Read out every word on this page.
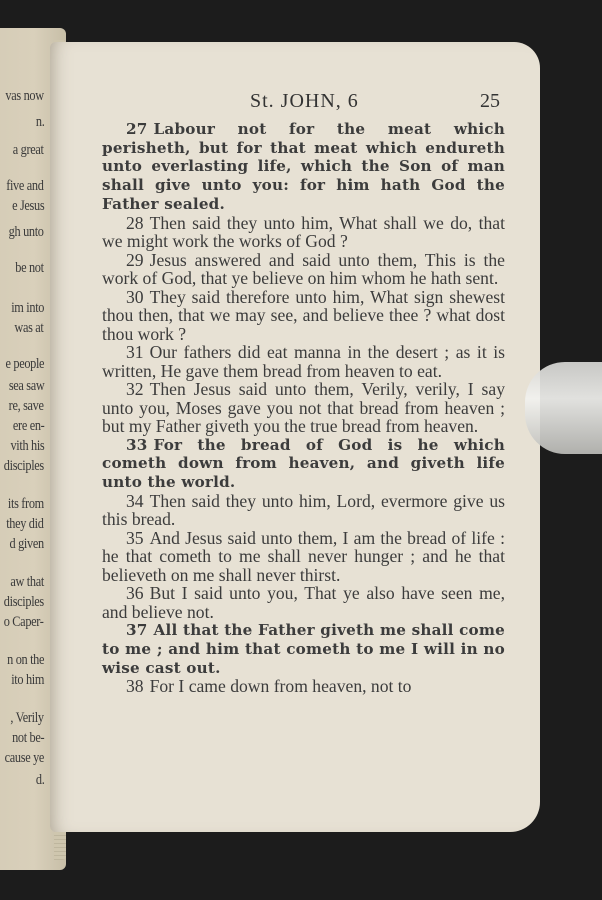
vas now
n.
a great
five and
e Jesus
gh unto
be not
im into
was at
e people
sea saw
re, save
ere en-
vith his
disciples
its from
they did
d given
aw that
disciples
o Caper-
n on the
ito him
, Verily
not be-
cause ye
d.
St. JOHN, 6	25

27 Labour not for the meat which perisheth, but for that meat which endureth unto everlasting life, which the Son of man shall give unto you: for him hath God the Father sealed.

28 Then said they unto him, What shall we do, that we might work the works of God ?

29 Jesus answered and said unto them, This is the work of God, that ye believe on him whom he hath sent.

30 They said therefore unto him, What sign shewest thou then, that we may see, and believe thee ? what dost thou work ?

31 Our fathers did eat manna in the desert ; as it is written, He gave them bread from heaven to eat.

32 Then Jesus said unto them, Verily, verily, I say unto you, Moses gave you not that bread from heaven ; but my Father giveth you the true bread from heaven.

33 For the bread of God is he which cometh down from heaven, and giveth life unto the world.

34 Then said they unto him, Lord, evermore give us this bread.

35 And Jesus said unto them, I am the bread of life : he that cometh to me shall never hunger ; and he that believeth on me shall never thirst.

36 But I said unto you, That ye also have seen me, and believe not.

37 All that the Father giveth me shall come to me ; and him that cometh to me I will in no wise cast out.

38 For I came down from heaven, not to
